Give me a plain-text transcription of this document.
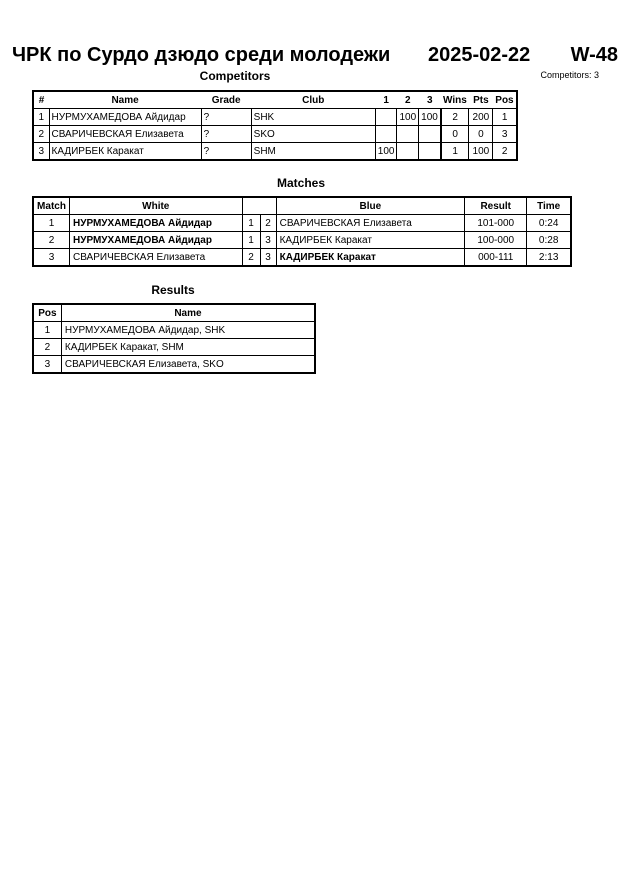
ЧРК по Сурдо дзюдо среди молодежи 2025-02-22 W-48
Competitors	Competitors: 3
#	Name	Grade	Club	1	2	3	Wins	Pts	Pos
1	НУРМУХАМЕДОВА Айдидар	?	SHK		100	100	2	200	1
2	СВАРИЧЕВСКАЯ Елизавета	?	SKO				0	0	3
3	КАДИРБЕК Каракат	?	SHM	100			1	100	2
Matches
Match	White			Blue	Result	Time
1	НУРМУХАМЕДОВА Айдидар	1	2	СВАРИЧЕВСКАЯ Елизавета	101-000	0:24
2	НУРМУХАМЕДОВА Айдидар	1	3	КАДИРБЕК Каракат	100-000	0:28
3	СВАРИЧЕВСКАЯ Елизавета	2	3	КАДИРБЕК Каракат	000-111	2:13
Results
Pos	Name
1	НУРМУХАМЕДОВА Айдидар, SHK
2	КАДИРБЕК Каракат, SHM
3	СВАРИЧЕВСКАЯ Елизавета, SKO
